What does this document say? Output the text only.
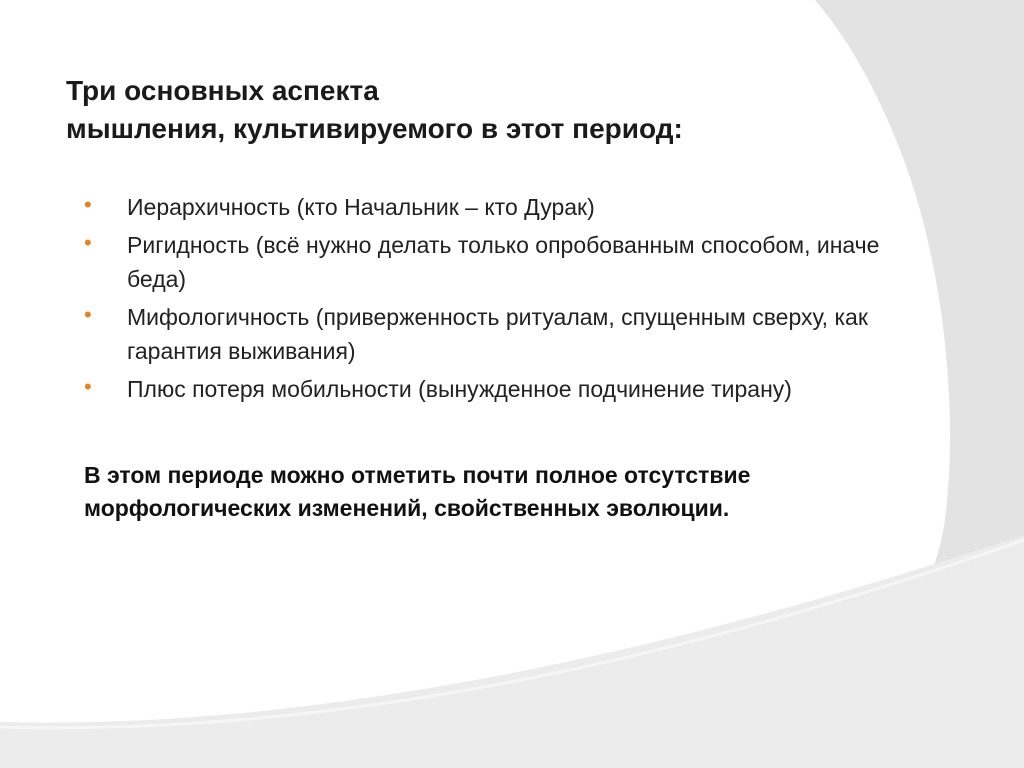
Три основных аспекта
мышления, культивируемого в этот период:
• Иерархичность (кто Начальник – кто Дурак)
• Ригидность (всё нужно делать только опробованным способом, иначе беда)
• Мифологичность (приверженность ритуалам, спущенным сверху, как гарантия выживания)
• Плюс потеря мобильности (вынужденное подчинение тирану)
В этом периоде можно отметить почти полное отсутствие морфологических изменений, свойственных эволюции.
